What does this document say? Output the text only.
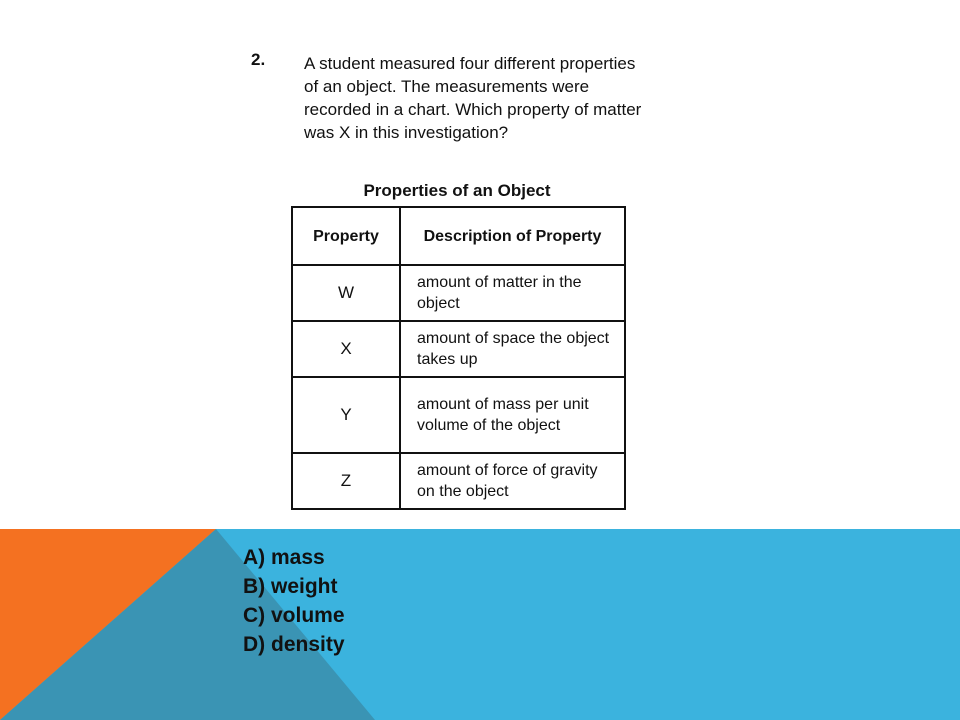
2. A student measured four different properties of an object. The measurements were recorded in a chart. Which property of matter was X in this investigation?
Properties of an Object
Property	Description of Property
W	amount of matter in the object
X	amount of space the object takes up
Y	amount of mass per unit volume of the object
Z	amount of force of gravity on the object
A) mass
B) weight
C) volume
D) density
